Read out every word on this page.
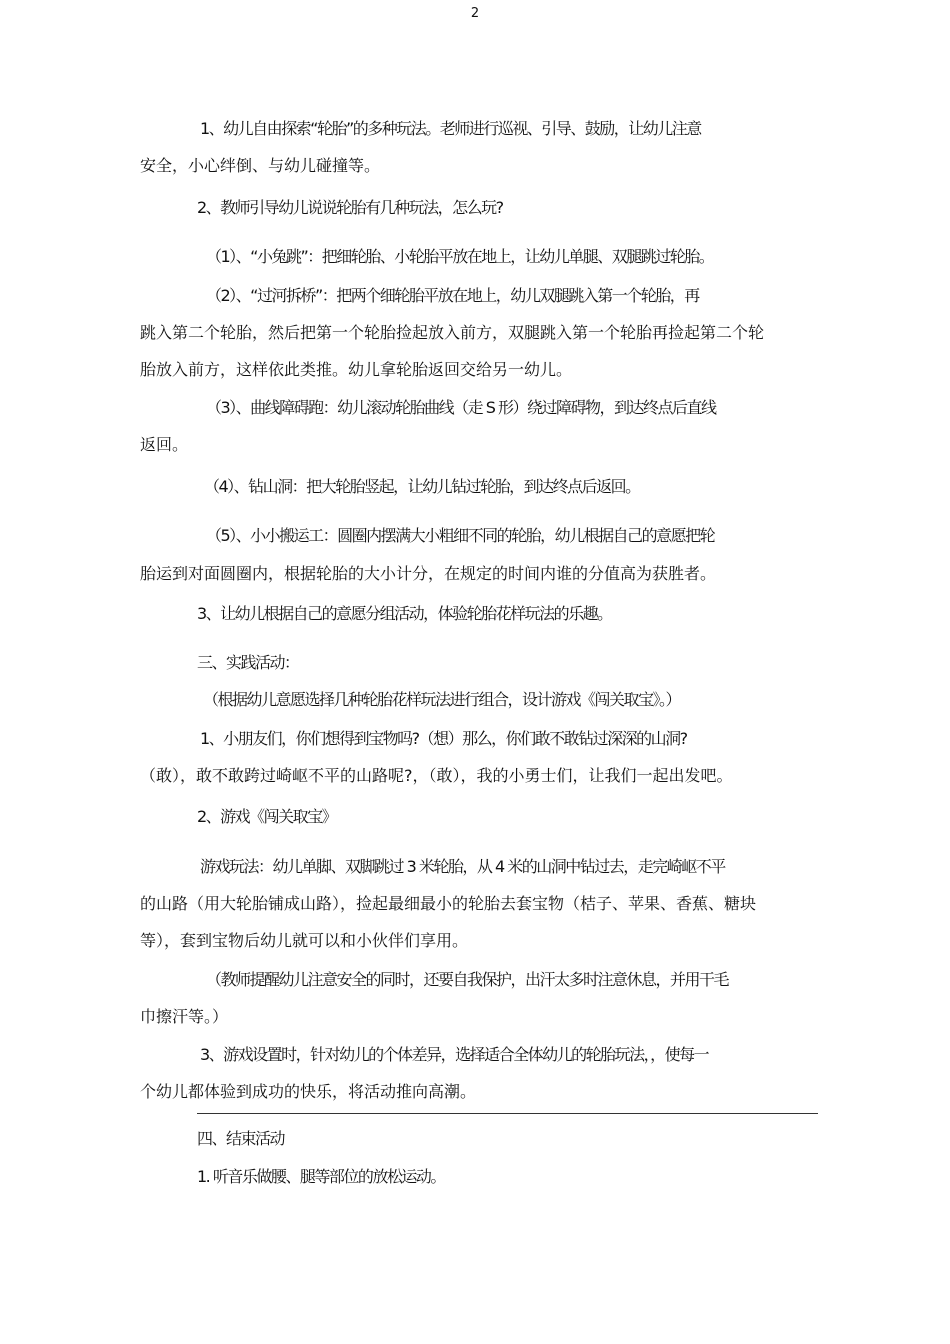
2

1、幼儿自由探索“轮胎”的多种玩法。老师进行巡视、引导、鼓励，让幼儿注意

安全，小心绊倒、与幼儿碰撞等。

2、教师引导幼儿说说轮胎有几种玩法，怎么玩?

（1）、“小兔跳”：把细轮胎、小轮胎平放在地上，让幼儿单腿、双腿跳过轮胎。

（2）、“过河拆桥”：把两个细轮胎平放在地上，幼儿双腿跳入第一个轮胎，再

跳入第二个轮胎，然后把第一个轮胎捡起放入前方，双腿跳入第一个轮胎再捡起第二个轮

胎放入前方，这样依此类推。幼儿拿轮胎返回交给另一幼儿。

（3）、曲线障碍跑：幼儿滚动轮胎曲线（走 S 形）绕过障碍物，到达终点后直线

返回。

（4）、钻山洞：把大轮胎竖起，让幼儿钻过轮胎，到达终点后返回。

（5）、小小搬运工：圆圈内摆满大小粗细不同的轮胎，幼儿根据自己的意愿把轮

胎运到对面圆圈内，根据轮胎的大小计分，在规定的时间内谁的分值高为获胜者。

3、让幼儿根据自己的意愿分组活动，体验轮胎花样玩法的乐趣。

三、实践活动：

（根据幼儿意愿选择几种轮胎花样玩法进行组合，设计游戏《闯关取宝》。）

1、小朋友们，你们想得到宝物吗?（想）那么，你们敢不敢钻过深深的山洞?

（敢），敢不敢跨过崎岖不平的山路呢?，（敢），我的小勇士们，让我们一起出发吧。

2、游戏《闯关取宝》

游戏玩法：幼儿单脚、双脚跳过 3 米轮胎，从 4 米的山洞中钻过去，走完崎岖不平

的山路（用大轮胎铺成山路），捡起最细最小的轮胎去套宝物（桔子、苹果、香蕉、糖块

等），套到宝物后幼儿就可以和小伙伴们享用。

（教师提醒幼儿注意安全的同时，还要自我保护，出汗太多时注意休息，并用干毛

巾擦汗等。）

3、游戏设置时，针对幼儿的个体差异，选择适合全体幼儿的轮胎玩法，，使每一

个幼儿都体验到成功的快乐，将活动推向高潮。

四、结束活动

1. 听音乐做腰、腿等部位的放松运动。
